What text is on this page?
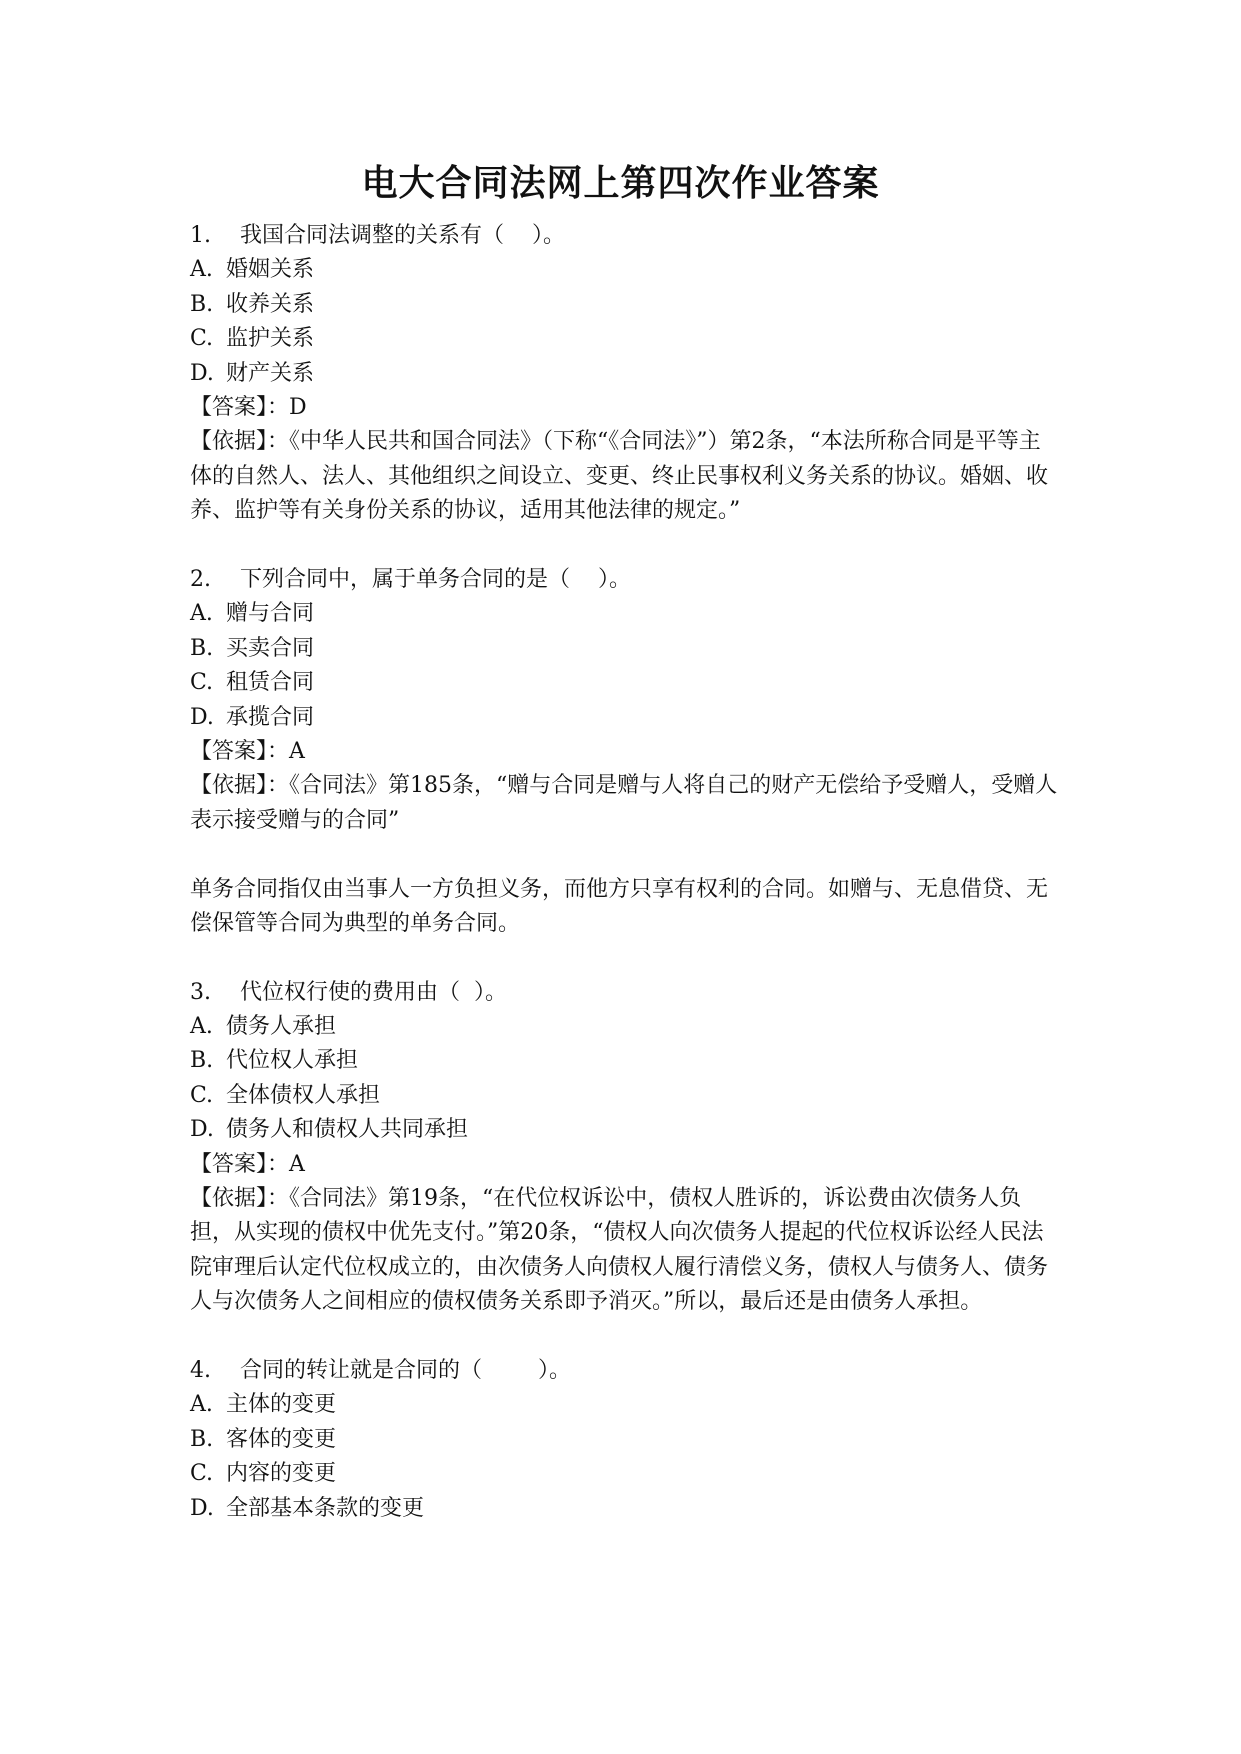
电大合同法网上第四次作业答案
1. 我国合同法调整的关系有（    ）。
A. 婚姻关系
B. 收养关系
C. 监护关系
D. 财产关系
【答案】：D
【依据】：《中华人民共和国合同法》（下称“《合同法》”）第2条，“本法所称合同是平等主体的自然人、法人、其他组织之间设立、变更、终止民事权利义务关系的协议。婚姻、收养、监护等有关身份关系的协议，适用其他法律的规定。”
2. 下列合同中，属于单务合同的是（    ）。
A. 赠与合同
B. 买卖合同
C. 租赁合同
D. 承揽合同
【答案】：A
【依据】：《合同法》第185条，“赠与合同是赠与人将自己的财产无偿给予受赠人，受赠人表示接受赠与的合同”
单务合同指仅由当事人一方负担义务，而他方只享有权利的合同。如赠与、无息借贷、无偿保管等合同为典型的单务合同。
3. 代位权行使的费用由（  ）。
A. 债务人承担
B. 代位权人承担
C. 全体债权人承担
D. 债务人和债权人共同承担
【答案】：A
【依据】：《合同法》第19条，“在代位权诉讼中，债权人胜诉的，诉讼费由次债务人负担，从实现的债权中优先支付。”第20条，“债权人向次债务人提起的代位权诉讼经人民法院审理后认定代位权成立的，由次债务人向债权人履行清偿义务，债权人与债务人、债务人与次债务人之间相应的债权债务关系即予消灭。”所以，最后还是由债务人承担。
4. 合同的转让就是合同的（        ）。
A. 主体的变更
B. 客体的变更
C. 内容的变更
D. 全部基本条款的变更
